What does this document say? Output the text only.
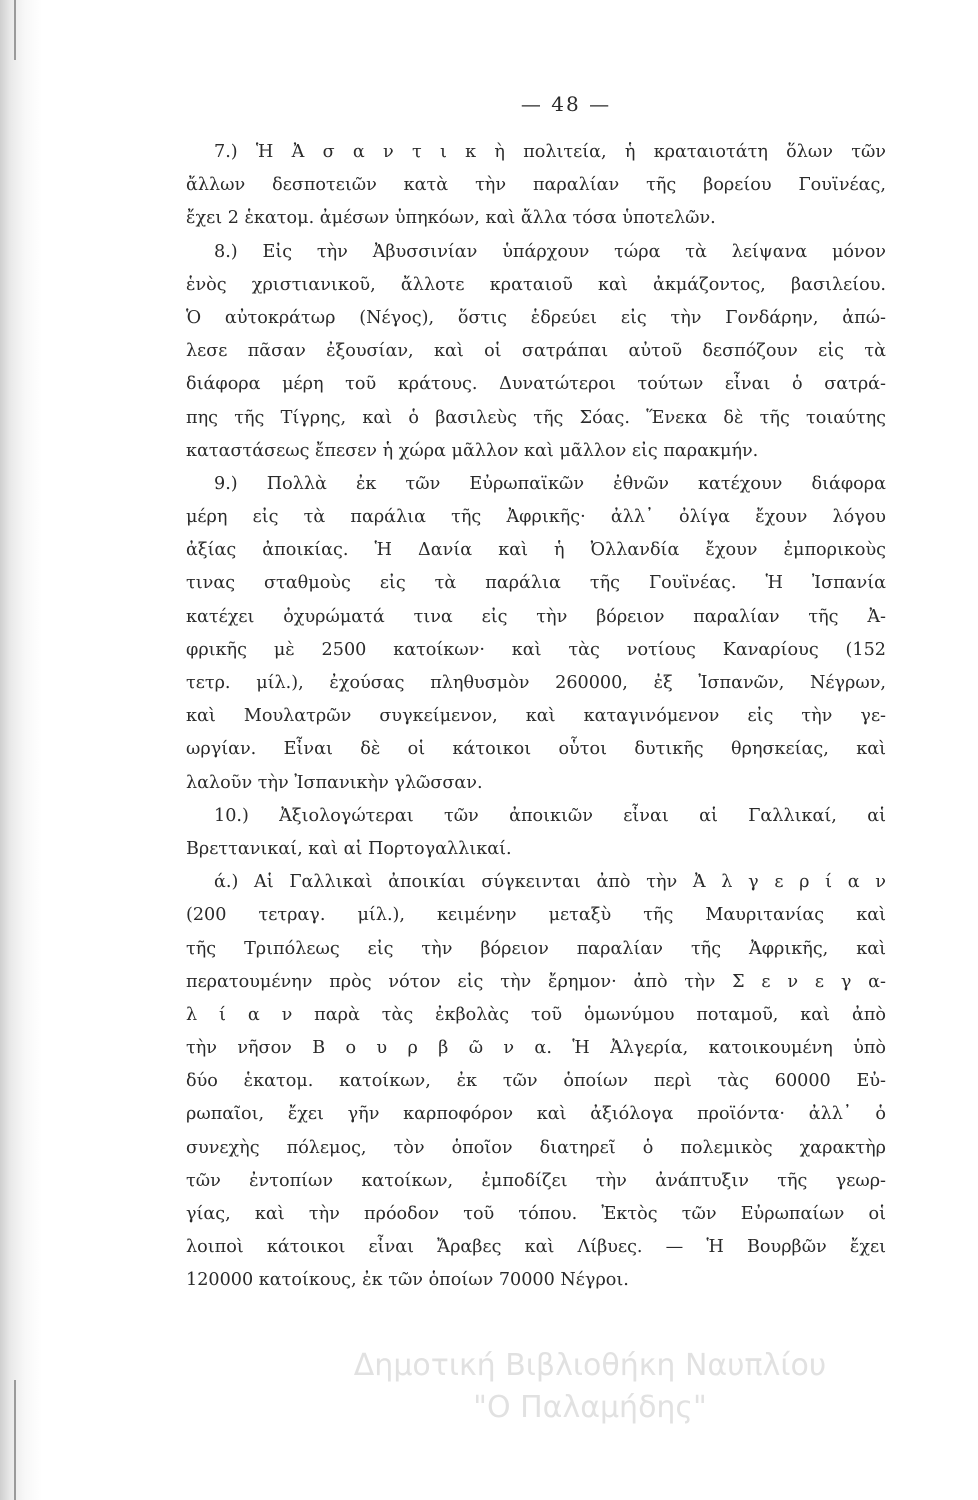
— 48 —
7.) Ἡ Ἀ σ α ν τ ι κ ὴ πολιτεία, ἡ κραταιοτάτη ὅλων τῶν
ἄλλων δεσποτειῶν κατὰ τὴν παραλίαν τῆς βορείου Γουϊνέας,
ἔχει 2 ἑκατομ. ἀμέσων ὑπηκόων, καὶ ἄλλα τόσα ὑποτελῶν.
8.) Εἰς τὴν Ἀβυσσινίαν ὑπάρχουν τώρα τὰ λείψανα μόνον
ἑνὸς χριστιανικοῦ, ἄλλοτε κραταιοῦ καὶ ἀκμάζοντος, βασιλείου.
Ὁ αὐτοκράτωρ (Νέγος), ὅστις ἑδρεύει εἰς τὴν Γονδάρην, ἀπώ-
λεσε πᾶσαν ἐξουσίαν, καὶ οἱ σατράπαι αὐτοῦ δεσπόζουν εἰς τὰ
διάφορα μέρη τοῦ κράτους. Δυνατώτεροι τούτων εἶναι ὁ σατρά-
πης τῆς Τίγρης, καὶ ὁ βασιλεὺς τῆς Σόας. Ἕνεκα δὲ τῆς τοιαύτης
καταστάσεως ἔπεσεν ἡ χώρα μᾶλλον καὶ μᾶλλον εἰς παρακμήν.
9.) Πολλὰ ἐκ τῶν Εὐρωπαϊκῶν ἐθνῶν κατέχουν διάφορα
μέρη εἰς τὰ παράλια τῆς Ἀφρικῆς· ἀλλ᾽ ὀλίγα ἔχουν λόγου
ἀξίας ἀποικίας. Ἡ Δανία καὶ ἡ Ὀλλανδία ἔχουν ἐμπορικοὺς
τινας σταθμοὺς εἰς τὰ παράλια τῆς Γουϊνέας. Ἡ Ἰσπανία
κατέχει ὀχυρώματά τινα εἰς τὴν βόρειον παραλίαν τῆς Ἀ-
φρικῆς μὲ 2500 κατοίκων· καὶ τὰς νοτίους Καναρίους (152
τετρ. μίλ.), ἐχούσας πληθυσμὸν 260000, ἐξ Ἰσπανῶν, Νέγρων,
καὶ Μουλατρῶν συγκείμενον, καὶ καταγινόμενον εἰς τὴν γε-
ωργίαν. Εἶναι δὲ οἱ κάτοικοι οὗτοι δυτικῆς θρησκείας, καὶ
λαλοῦν τὴν Ἰσπανικὴν γλῶσσαν.
10.) Ἀξιολογώτεραι τῶν ἀποικιῶν εἶναι αἱ Γαλλικαί, αἱ
Βρεττανικαί, καὶ αἱ Πορτογαλλικαί.
ά.) Αἱ Γαλλικαὶ ἀποικίαι σύγκεινται ἀπὸ τὴν Ἀ λ γ ε ρ ί α ν
(200 τετραγ. μίλ.), κειμένην μεταξὺ τῆς Μαυριτανίας καὶ
τῆς Τριπόλεως εἰς τὴν βόρειον παραλίαν τῆς Ἀφρικῆς, καὶ
περατουμένην πρὸς νότον εἰς τὴν ἔρημον· ἀπὸ τὴν Σ ε ν ε γ α-
λ ί α ν παρὰ τὰς ἐκβολὰς τοῦ ὁμωνύμου ποταμοῦ, καὶ ἀπὸ
τὴν νῆσον Β ο υ ρ β ῶ ν α. Ἡ Ἀλγερία, κατοικουμένη ὑπὸ
δύο ἑκατομ. κατοίκων, ἐκ τῶν ὁποίων περὶ τὰς 60000 Εὐ-
ρωπαῖοι, ἔχει γῆν καρποφόρον καὶ ἀξιόλογα προϊόντα· ἀλλ᾽ ὁ
συνεχὴς πόλεμος, τὸν ὁποῖον διατηρεῖ ὁ πολεμικὸς χαρακτὴρ
τῶν ἐντοπίων κατοίκων, ἐμποδίζει τὴν ἀνάπτυξιν τῆς γεωρ-
γίας, καὶ τὴν πρόοδον τοῦ τόπου. Ἐκτὸς τῶν Εὐρωπαίων οἱ
λοιποὶ κάτοικοι εἶναι Ἄραβες καὶ Λίβυες. — Ἡ Βουρβῶν ἔχει
120000 κατοίκους, ἐκ τῶν ὁποίων 70000 Νέγροι.
Δημοτική Βιβλιοθήκη Ναυπλίου
"Ο Παλαμήδης"
